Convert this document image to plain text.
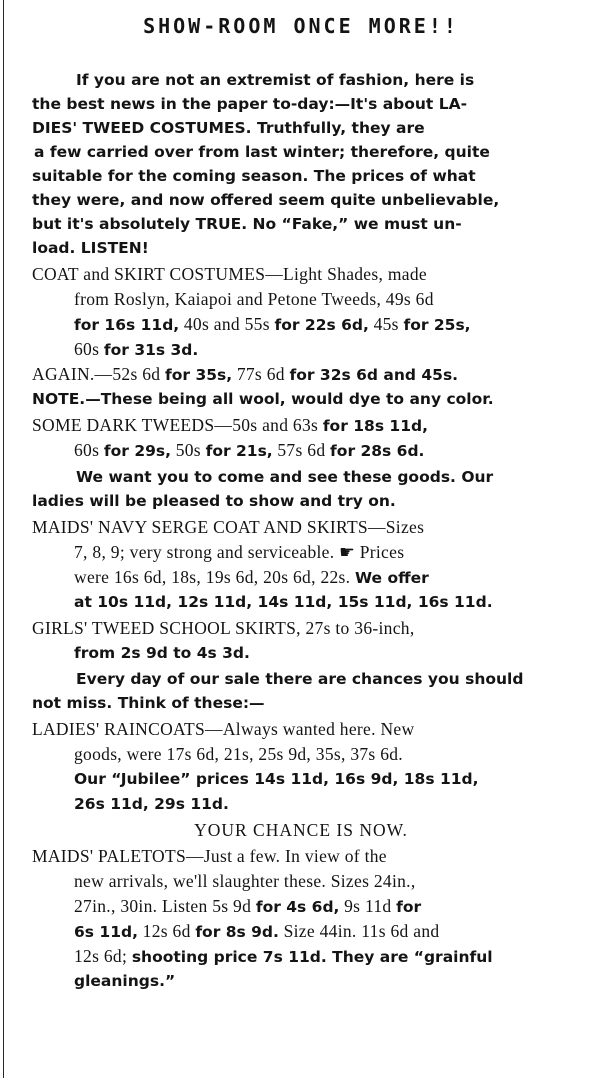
SHOW-ROOM ONCE MORE!!
If you are not an extremist of fashion, here is
the best news in the paper to-day:—It's about LA-
DIES' TWEED COSTUMES. Truthfully, they are
a few carried over from last winter; therefore, quite
suitable for the coming season. The prices of what
they were, and now offered seem quite unbelievable,
but it's absolutely TRUE. No “Fake,” we must un-
load. LISTEN!
COAT and SKIRT COSTUMES—Light Shades, made
from Roslyn, Kaiapoi and Petone Tweeds, 49s 6d
for 16s 11d, 40s and 55s for 22s 6d, 45s for 25s,
60s for 31s 3d.
AGAIN.—52s 6d for 35s, 77s 6d for 32s 6d and 45s.
NOTE.—These being all wool, would dye to any color.
SOME DARK TWEEDS—50s and 63s for 18s 11d,
60s for 29s, 50s for 21s, 57s 6d for 28s 6d.
We want you to come and see these goods. Our
ladies will be pleased to show and try on.
MAIDS' NAVY SERGE COAT AND SKIRTS—Sizes
7, 8, 9; very strong and serviceable. ☛ Prices
were 16s 6d, 18s, 19s 6d, 20s 6d, 22s. We offer
at 10s 11d, 12s 11d, 14s 11d, 15s 11d, 16s 11d.
GIRLS' TWEED SCHOOL SKIRTS, 27s to 36-inch,
from 2s 9d to 4s 3d.
Every day of our sale there are chances you should
not miss. Think of these:—
LADIES' RAINCOATS—Always wanted here. New
goods, were 17s 6d, 21s, 25s 9d, 35s, 37s 6d.
Our “Jubilee” prices 14s 11d, 16s 9d, 18s 11d,
26s 11d, 29s 11d.
YOUR CHANCE IS NOW.
MAIDS' PALETOTS—Just a few. In view of the
new arrivals, we'll slaughter these. Sizes 24in.,
27in., 30in. Listen 5s 9d for 4s 6d, 9s 11d for
6s 11d, 12s 6d for 8s 9d. Size 44in. 11s 6d and
12s 6d; shooting price 7s 11d. They are “grainful
gleanings.”
